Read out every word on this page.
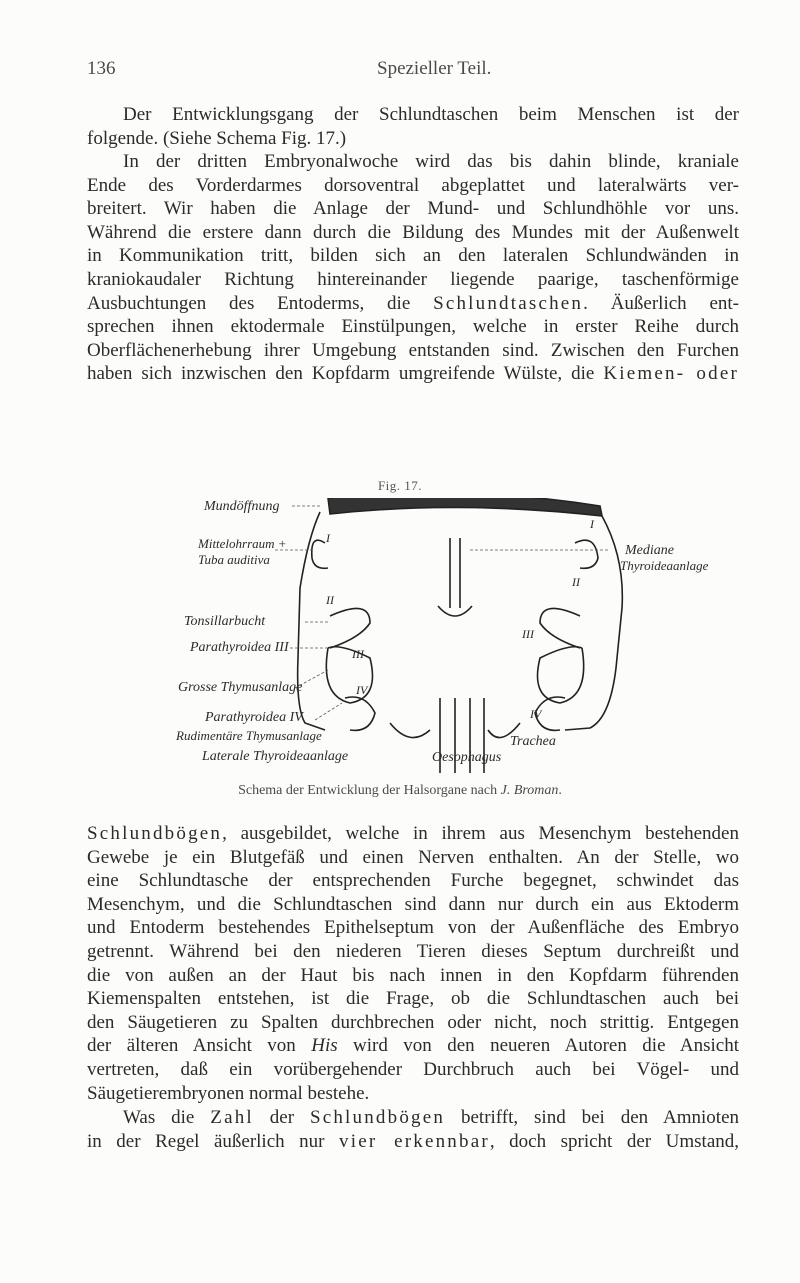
136	Spezieller Teil.
Der Entwicklungsgang der Schlundtaschen beim Menschen ist der
folgende. (Siehe Schema Fig. 17.)
In der dritten Embryonalwoche wird das bis dahin blinde, kraniale
Ende des Vorderdarmes dorsoventral abgeplattet und lateralwärts ver-
breitert. Wir haben die Anlage der Mund- und Schlundhöhle vor uns.
Während die erstere dann durch die Bildung des Mundes mit der Außenwelt
in Kommunikation tritt, bilden sich an den lateralen Schlundwänden in
kraniokaudaler Richtung hintereinander liegende paarige, taschenförmige
Ausbuchtungen des Entoderms, die Schlundtaschen. Äußerlich ent-
sprechen ihnen ektodermale Einstülpungen, welche in erster Reihe durch
Oberflächenerhebung ihrer Umgebung entstanden sind. Zwischen den Furchen
haben sich inzwischen den Kopfdarm umgreifende Wülste, die Kiemen- oder
Fig. 17.
Mundöffnung
Mittelohrraum +
Tuba auditiva
Tonsillarbucht
Parathyroidea III
Grosse Thymusanlage
Parathyroidea IV
Rudimentäre Thymusanlage
Laterale Thyroideaanlage
Mediane
Thyroideaanlage
Trachea
Oesophagus
I
II
III
IV
I
II
III
IV
Schema der Entwicklung der Halsorgane nach J. Broman.
Schlundbögen, ausgebildet, welche in ihrem aus Mesenchym bestehenden
Gewebe je ein Blutgefäß und einen Nerven enthalten. An der Stelle, wo
eine Schlundtasche der entsprechenden Furche begegnet, schwindet das
Mesenchym, und die Schlundtaschen sind dann nur durch ein aus Ektoderm
und Entoderm bestehendes Epithelseptum von der Außenfläche des Embryo
getrennt. Während bei den niederen Tieren dieses Septum durchreißt und
die von außen an der Haut bis nach innen in den Kopfdarm führenden
Kiemenspalten entstehen, ist die Frage, ob die Schlundtaschen auch bei
den Säugetieren zu Spalten durchbrechen oder nicht, noch strittig. Entgegen
der älteren Ansicht von His wird von den neueren Autoren die Ansicht
vertreten, daß ein vorübergehender Durchbruch auch bei Vögel- und
Säugetierembryonen normal bestehe.
Was die Zahl der Schlundbögen betrifft, sind bei den Amnioten
in der Regel äußerlich nur vier erkennbar, doch spricht der Umstand,
